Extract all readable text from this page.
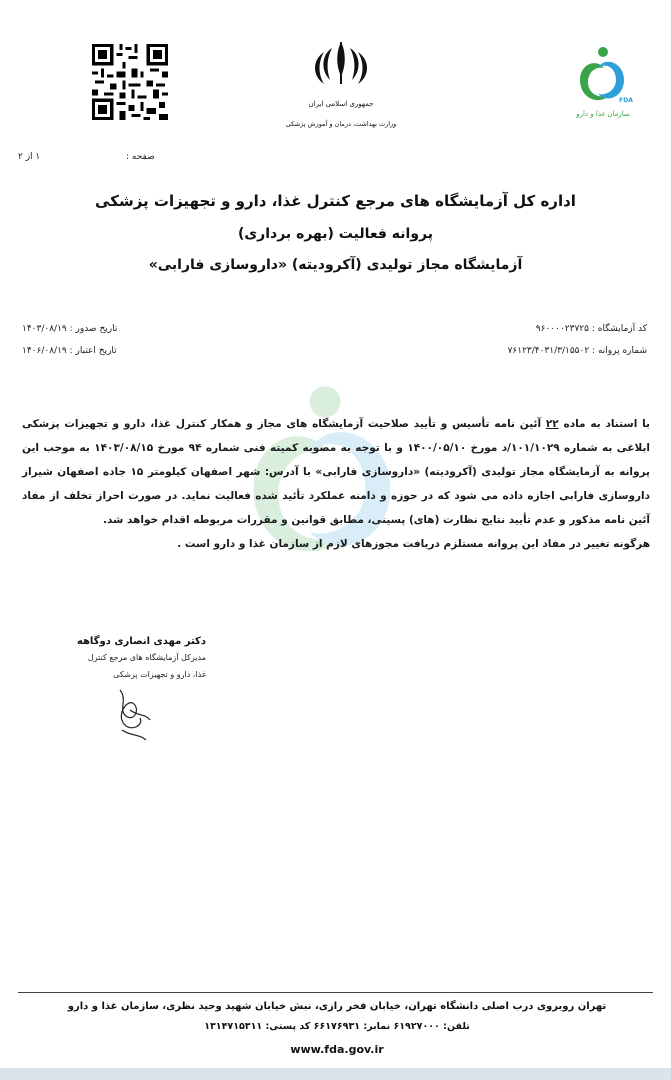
جمهوری اسلامی ایران
وزارت بهداشت، درمان و آموزش پزشکی
سازمان غذا و دارو
FDA
صفحه :
۱ از ۲
اداره کل آزمایشگاه های مرجع کنترل غذا، دارو و تجهیزات پزشکی
پروانه فعالیت (بهره برداری)
آزمایشگاه مجاز تولیدی (آکرودیته) «داروسازی فارابی»
کد آزمایشگاه : ۹۶۰۰۰۰۲۳۷۲۵
شماره پروانه : ۷۶۱۲۳/۴۰۳۱/۳/۱۵۵۰۲
تاریخ صدور : ۱۴۰۳/۰۸/۱۹
تاریخ اعتبار : ۱۴۰۶/۰۸/۱۹
با استناد به ماده ۲۲ آئین نامه تأسیس و تأیید صلاحیت آزمایشگاه های مجاز و همکار کنترل غذا، دارو و تجهیزات پزشکی ابلاغی به شماره ۱۰۱/۱۰۲۹/د مورخ ۱۴۰۰/۰۵/۱۰ و با توجه به مصوبه کمیته فنی شماره ۹۴ مورخ ۱۴۰۳/۰۸/۱۵ به موجب این پروانه به آزمایشگاه مجاز تولیدی (آکرودیته) «داروسازی فارابی» با آدرس: شهر اصفهان کیلومتر ۱۵ جاده اصفهان شیراز داروسازی فارابی اجازه داده می شود که در حوزه و دامنه عملکرد تأئید شده فعالیت نماید. در صورت احراز تخلف از مفاد آئین نامه مذکور و عدم تأیید نتایج نظارت (های) پسینی، مطابق قوانین و مقررات مربوطه اقدام خواهد شد.
هرگونه تغییر در مفاد این پروانه مستلزم دریافت مجوزهای لازم از سازمان غذا و دارو است .
دکتر مهدی انصاری دوگاهه
مدیرکل آزمایشگاه های مرجع کنترل
غذا، دارو و تجهیزات پزشکی
تهران روبروی درب اصلی دانشگاه تهران، خیابان فخر رازی، نبش خیابان شهید وحید نظری، سازمان غذا و دارو
تلفن: ۶۱۹۲۷۰۰۰ نمابر: ۶۶۱۷۶۹۳۱ کد پستی: ۱۳۱۴۷۱۵۳۱۱
www.fda.gov.ir
